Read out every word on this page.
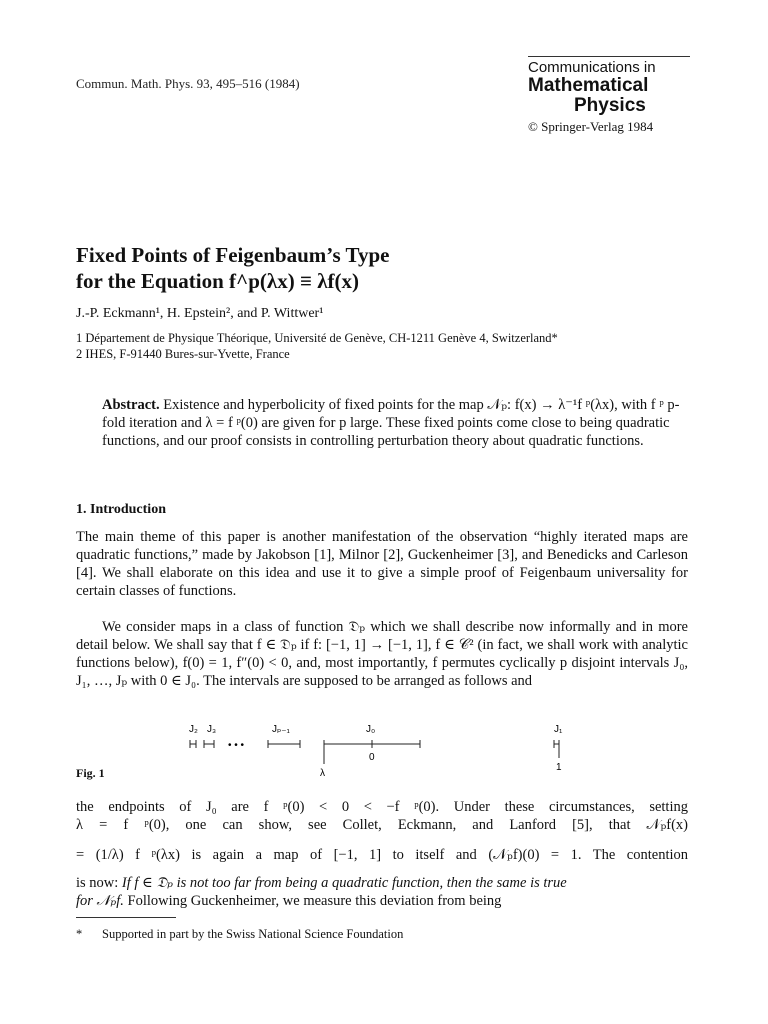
Commun. Math. Phys. 93, 495–516 (1984)
Communications in
Mathematical
Physics
© Springer-Verlag 1984
Fixed Points of Feigenbaum’s Type
for the Equation f^p(λx) ≡ λf(x)
J.-P. Eckmann¹, H. Epstein², and P. Wittwer¹
1 Département de Physique Théorique, Université de Genève, CH-1211 Genève 4, Switzerland*
2 IHES, F-91440 Bures-sur-Yvette, France
Abstract. Existence and hyperbolicity of fixed points for the map 𝒩ₚ: f(x) → λ⁻¹f ᵖ(λx), with f ᵖ p-fold iteration and λ = f ᵖ(0) are given for p large. These fixed points come close to being quadratic functions, and our proof consists in controlling perturbation theory about quadratic functions.
1. Introduction
The main theme of this paper is another manifestation of the observation “highly iterated maps are quadratic functions,” made by Jakobson [1], Milnor [2], Guckenheimer [3], and Benedicks and Carleson [4]. We shall elaborate on this idea and use it to give a simple proof of Feigenbaum universality for certain classes of functions.
We consider maps in a class of function 𝔇ₚ which we shall describe now informally and in more detail below. We shall say that f ∈ 𝔇ₚ if f: [−1, 1] → [−1, 1], f ∈ 𝒞² (in fact, we shall work with analytic functions below), f(0) = 1, f″(0) < 0, and, most importantly, f permutes cyclically p disjoint intervals J₀, J₁, …, Jₚ with 0 ∈ J₀. The intervals are supposed to be arranged as follows and
Fig. 1
J₂ J₃	Jₚ₋₁	J₀	J₁
• • •
0
λ
1
the endpoints of J₀ are f ᵖ(0) < 0 < −f ᵖ(0). Under these circumstances, setting
λ = f ᵖ(0), one can show, see Collet, Eckmann, and Lanford [5], that 𝒩ₚf(x)
= (1/λ) f ᵖ(λx) is again a map of [−1, 1] to itself and (𝒩ₚf)(0) = 1. The contention
is now: If f ∈ 𝔇ₚ is not too far from being a quadratic function, then the same is true
for 𝒩ₚf. Following Guckenheimer, we measure this deviation from being
* Supported in part by the Swiss National Science Foundation
